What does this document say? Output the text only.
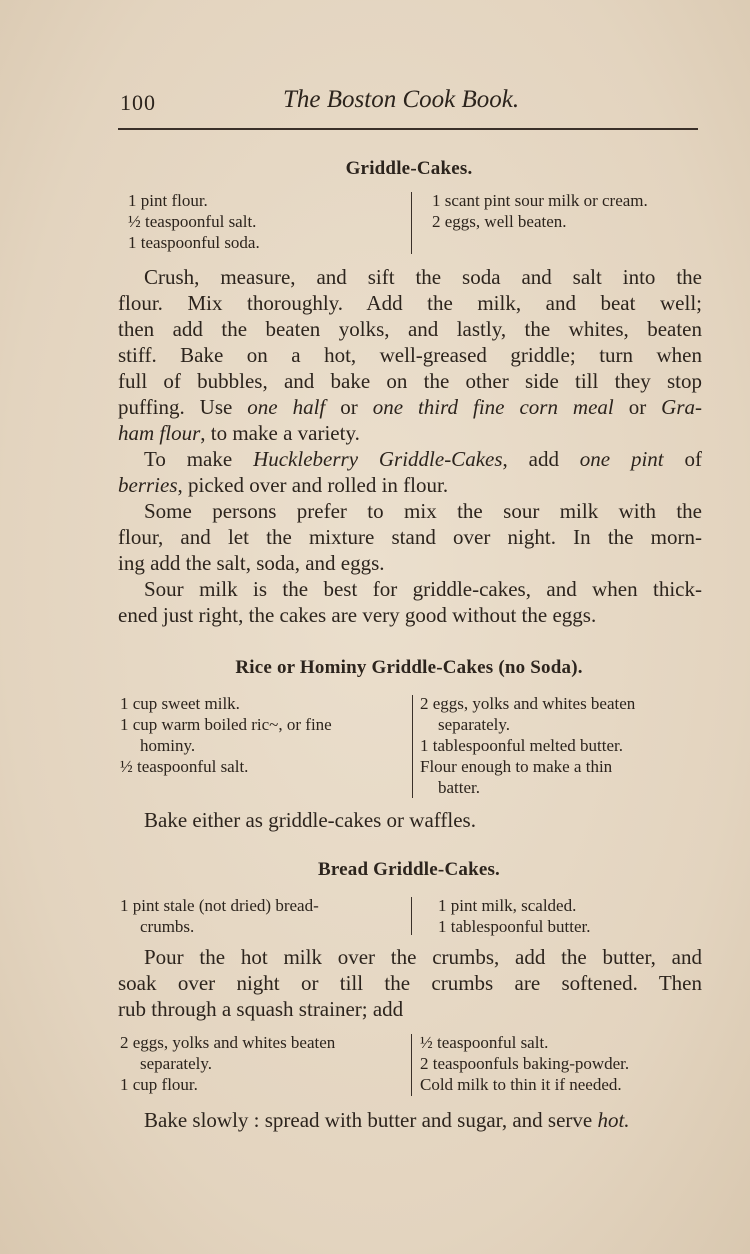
100	The Boston Cook Book.
Griddle-Cakes.
1 pint flour.
½ teaspoonful salt.
1 teaspoonful soda.
1 scant pint sour milk or cream.
2 eggs, well beaten.
Crush, measure, and sift the soda and salt into the
flour. Mix thoroughly. Add the milk, and beat well;
then add the beaten yolks, and lastly, the whites, beaten
stiff. Bake on a hot, well-greased griddle; turn when
full of bubbles, and bake on the other side till they stop
puffing. Use one half or one third fine corn meal or Gra-
ham flour, to make a variety.
To make Huckleberry Griddle-Cakes, add one pint of
berries, picked over and rolled in flour.
Some persons prefer to mix the sour milk with the
flour, and let the mixture stand over night. In the morn-
ing add the salt, soda, and eggs.
Sour milk is the best for griddle-cakes, and when thick-
ened just right, the cakes are very good without the eggs.
Rice or Hominy Griddle-Cakes (no Soda).
1 cup sweet milk.
1 cup warm boiled ric~, or fine
hominy.
½ teaspoonful salt.
2 eggs, yolks and whites beaten
separately.
1 tablespoonful melted butter.
Flour enough to make a thin
batter.
Bake either as griddle-cakes or waffles.
Bread Griddle-Cakes.
1 pint stale (not dried) bread-
crumbs.
1 pint milk, scalded.
1 tablespoonful butter.
Pour the hot milk over the crumbs, add the butter, and
soak over night or till the crumbs are softened. Then
rub through a squash strainer; add
2 eggs, yolks and whites beaten
separately.
1 cup flour.
½ teaspoonful salt.
2 teaspoonfuls baking-powder.
Cold milk to thin it if needed.
Bake slowly : spread with butter and sugar, and serve hot.
